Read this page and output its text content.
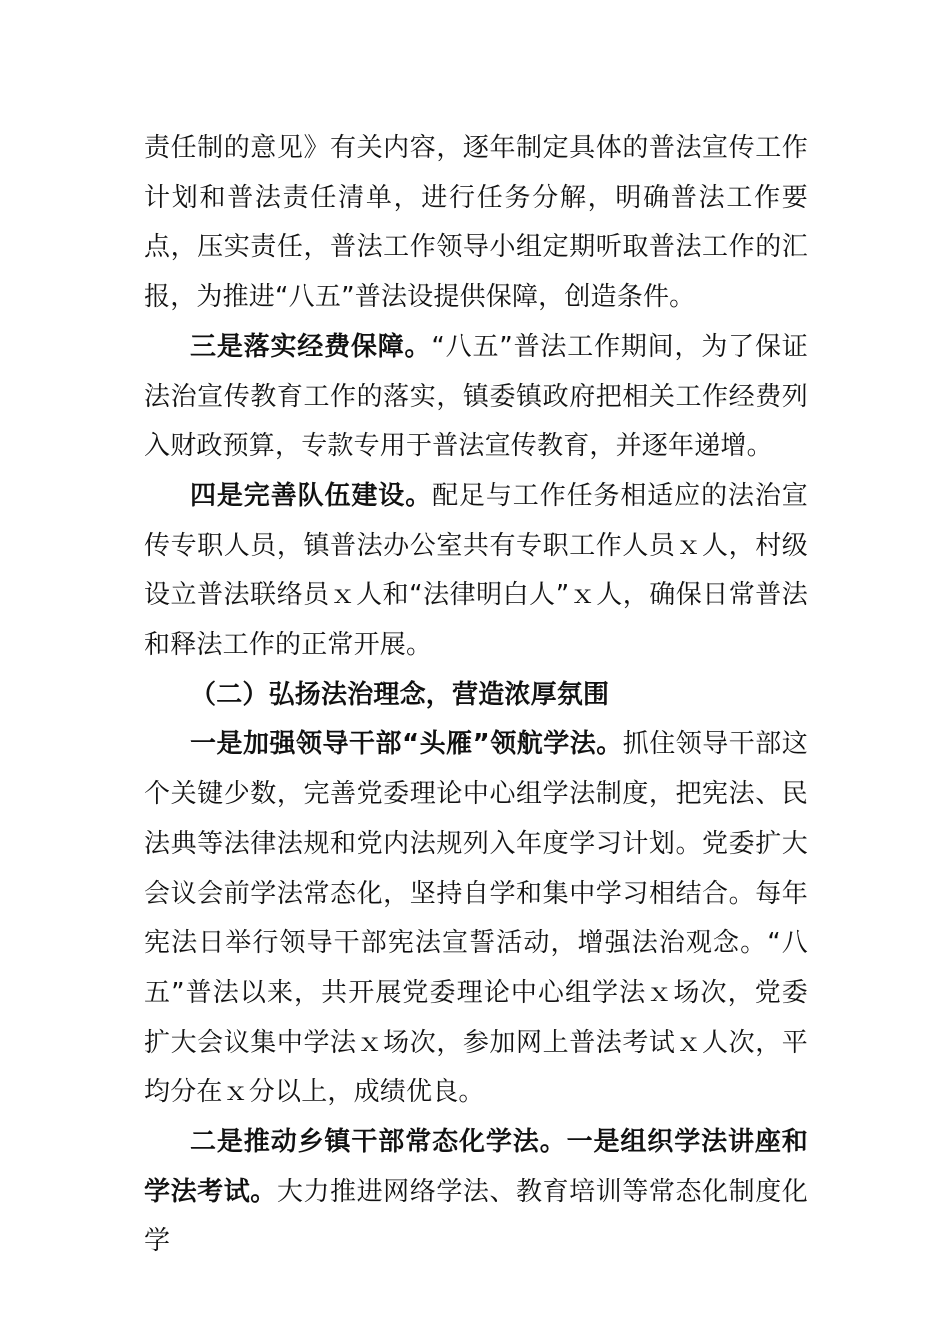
责任制的意见》有关内容，逐年制定具体的普法宣传工作计划和普法责任清单，进行任务分解，明确普法工作要点，压实责任，普法工作领导小组定期听取普法工作的汇报，为推进“八五”普法设提供保障，创造条件。

三是落实经费保障。“八五”普法工作期间，为了保证法治宣传教育工作的落实，镇委镇政府把相关工作经费列入财政预算，专款专用于普法宣传教育，并逐年递增。

四是完善队伍建设。配足与工作任务相适应的法治宣传专职人员，镇普法办公室共有专职工作人员ｘ人，村级设立普法联络员ｘ人和“法律明白人”ｘ人，确保日常普法和释法工作的正常开展。

（二）弘扬法治理念，营造浓厚氛围

一是加强领导干部“头雁”领航学法。抓住领导干部这个关键少数，完善党委理论中心组学法制度，把宪法、民法典等法律法规和党内法规列入年度学习计划。党委扩大会议会前学法常态化，坚持自学和集中学习相结合。每年宪法日举行领导干部宪法宣誓活动，增强法治观念。“八五”普法以来，共开展党委理论中心组学法ｘ场次，党委扩大会议集中学法ｘ场次，参加网上普法考试ｘ人次，平均分在ｘ分以上，成绩优良。

二是推动乡镇干部常态化学法。一是组织学法讲座和学法考试。大力推进网络学法、教育培训等常态化制度化学
